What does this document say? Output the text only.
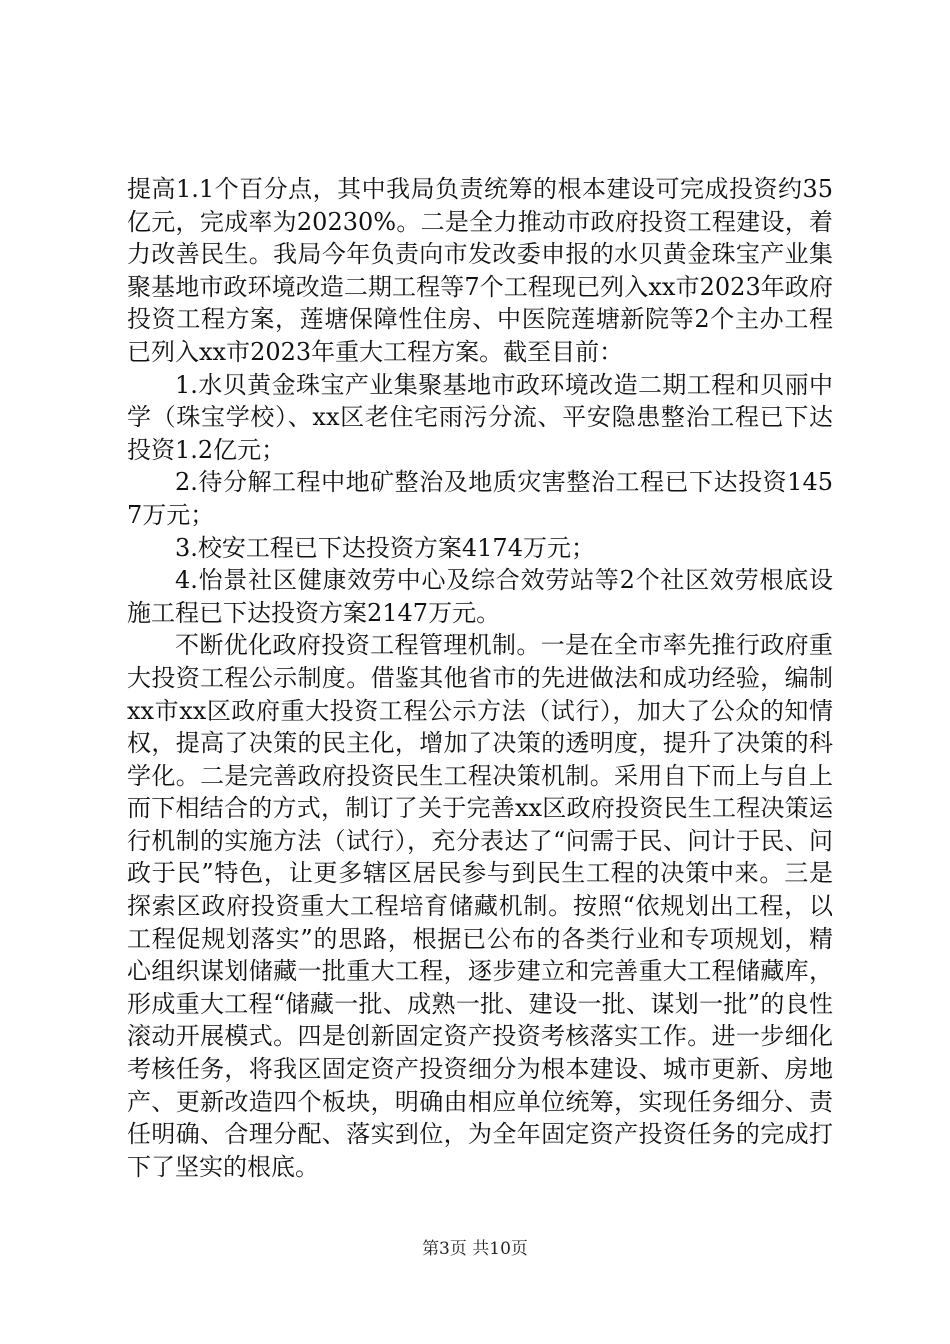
提高1.1个百分点，其中我局负责统筹的根本建设可完成投资约35亿元，完成率为20230%。二是全力推动市政府投资工程建设，着力改善民生。我局今年负责向市发改委申报的水贝黄金珠宝产业集聚基地市政环境改造二期工程等7个工程现已列入xx市2023年政府投资工程方案，莲塘保障性住房、中医院莲塘新院等2个主办工程已列入xx市2023年重大工程方案。截至目前：

1.水贝黄金珠宝产业集聚基地市政环境改造二期工程和贝丽中学（珠宝学校）、xx区老住宅雨污分流、平安隐患整治工程已下达投资1.2亿元；

2.待分解工程中地矿整治及地质灾害整治工程已下达投资1457万元；

3.校安工程已下达投资方案4174万元；

4.怡景社区健康效劳中心及综合效劳站等2个社区效劳根底设施工程已下达投资方案2147万元。

不断优化政府投资工程管理机制。一是在全市率先推行政府重大投资工程公示制度。借鉴其他省市的先进做法和成功经验，编制xx市xx区政府重大投资工程公示方法（试行），加大了公众的知情权，提高了决策的民主化，增加了决策的透明度，提升了决策的科学化。二是完善政府投资民生工程决策机制。采用自下而上与自上而下相结合的方式，制订了关于完善xx区政府投资民生工程决策运行机制的实施方法（试行），充分表达了“问需于民、问计于民、问政于民”特色，让更多辖区居民参与到民生工程的决策中来。三是探索区政府投资重大工程培育储藏机制。按照“依规划出工程，以工程促规划落实”的思路，根据已公布的各类行业和专项规划，精心组织谋划储藏一批重大工程，逐步建立和完善重大工程储藏库，形成重大工程“储藏一批、成熟一批、建设一批、谋划一批”的良性滚动开展模式。四是创新固定资产投资考核落实工作。进一步细化考核任务，将我区固定资产投资细分为根本建设、城市更新、房地产、更新改造四个板块，明确由相应单位统筹，实现任务细分、责任明确、合理分配、落实到位，为全年固定资产投资任务的完成打下了坚实的根底。

第3页 共10页
